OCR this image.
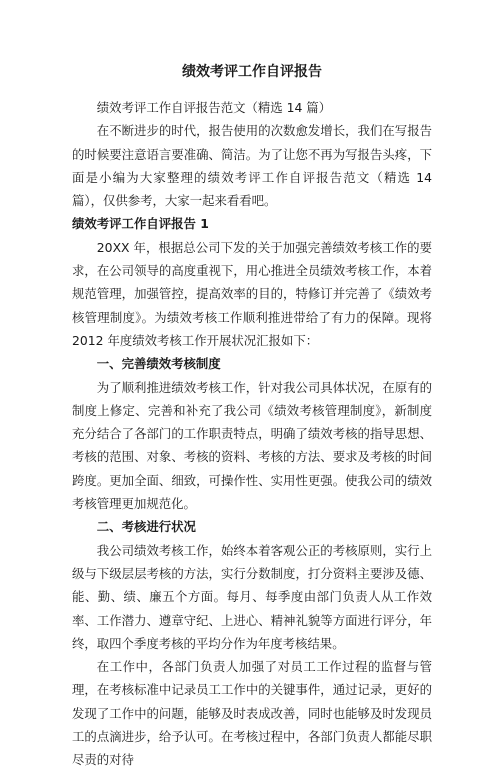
绩效考评工作自评报告

绩效考评工作自评报告范文（精选 14 篇）

在不断进步的时代，报告使用的次数愈发增长，我们在写报告的时候要注意语言要准确、简洁。为了让您不再为写报告头疼，下面是小编为大家整理的绩效考评工作自评报告范文（精选 14 篇），仅供参考，大家一起来看看吧。

绩效考评工作自评报告 1

20XX 年，根据总公司下发的关于加强完善绩效考核工作的要求，在公司领导的高度重视下，用心推进全员绩效考核工作，本着规范管理，加强管控，提高效率的目的，特修订并完善了《绩效考核管理制度》。为绩效考核工作顺利推进带给了有力的保障。现将 2012 年度绩效考核工作开展状况汇报如下：

一、完善绩效考核制度

为了顺利推进绩效考核工作，针对我公司具体状况，在原有的制度上修定、完善和补充了我公司《绩效考核管理制度》，新制度充分结合了各部门的工作职责特点，明确了绩效考核的指导思想、考核的范围、对象、考核的资料、考核的方法、要求及考核的时间跨度。更加全面、细致，可操作性、实用性更强。使我公司的绩效考核管理更加规范化。

二、考核进行状况

我公司绩效考核工作，始终本着客观公正的考核原则，实行上级与下级层层考核的方法，实行分数制度，打分资料主要涉及德、能、勤、绩、廉五个方面。每月、每季度由部门负责人从工作效率、工作潜力、遵章守纪、上进心、精神礼貌等方面进行评分，年终，取四个季度考核的平均分作为年度考核结果。

在工作中，各部门负责人加强了对员工工作过程的监督与管理，在考核标准中记录员工工作中的关键事件，通过记录，更好的发现了工作中的问题，能够及时表成改善，同时也能够及时发现员工的点滴进步，给予认可。在考核过程中，各部门负责人都能尽职尽责的对待
